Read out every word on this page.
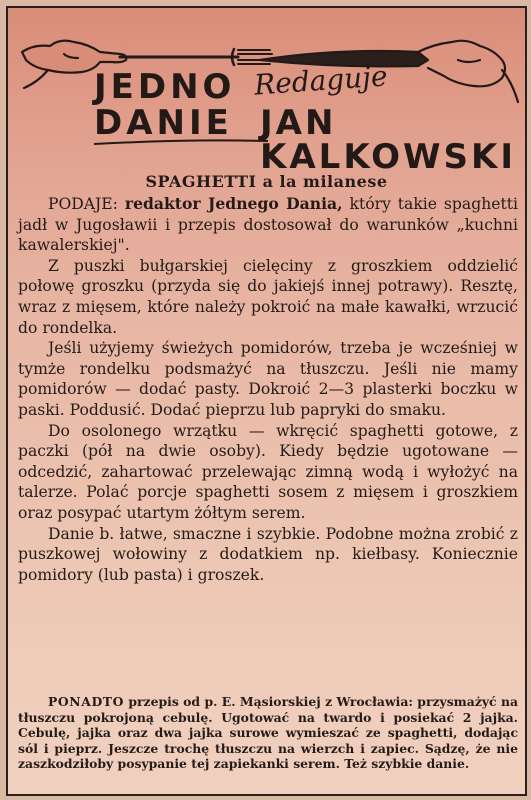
JEDNO Redaguje
DANIE JAN KALKOWSKI
SPAGHETTI a la milanese

PODAJE: redaktor Jednego Dania, który takie spaghetti jadł w Jugosławii i przepis dostosował do warunków „kuchni kawalerskiej".

Z puszki bułgarskiej cielęciny z groszkiem oddzielić połowę groszku (przyda się do jakiejś innej potrawy). Resztę, wraz z mięsem, które należy pokroić na małe kawałki, wrzucić do rondelka.

Jeśli użyjemy świeżych pomidorów, trzeba je wcześniej w tymże rondelku podsmażyć na tłuszczu. Jeśli nie mamy pomidorów — dodać pasty. Dokroić 2—3 plasterki boczku w paski. Poddusić. Dodać pieprzu lub papryki do smaku.

Do osolonego wrzątku — wkręcić spaghetti gotowe, z paczki (pół na dwie osoby). Kiedy będzie ugotowane — odcedzić, zahartować przelewając zimną wodą i wyłożyć na talerze. Polać porcje spaghetti sosem z mięsem i groszkiem oraz posypać utartym żółtym serem.

Danie b. łatwe, smaczne i szybkie. Podobne można zrobić z puszkowej wołowiny z dodatkiem np. kiełbasy. Koniecznie pomidory (lub pasta) i groszek.

PONADTO przepis od p. E. Mąsiorskiej z Wrocławia: przysmażyć na tłuszczu pokrojoną cebulę. Ugotować na twardo i posiekać 2 jajka. Cebulę, jajka oraz dwa jajka surowe wymieszać ze spaghetti, dodając sól i pieprz. Jeszcze trochę tłuszczu na wierzch i zapiec. Sądzę, że nie zaszkodziłoby posypanie tej zapiekanki serem. Też szybkie danie.
